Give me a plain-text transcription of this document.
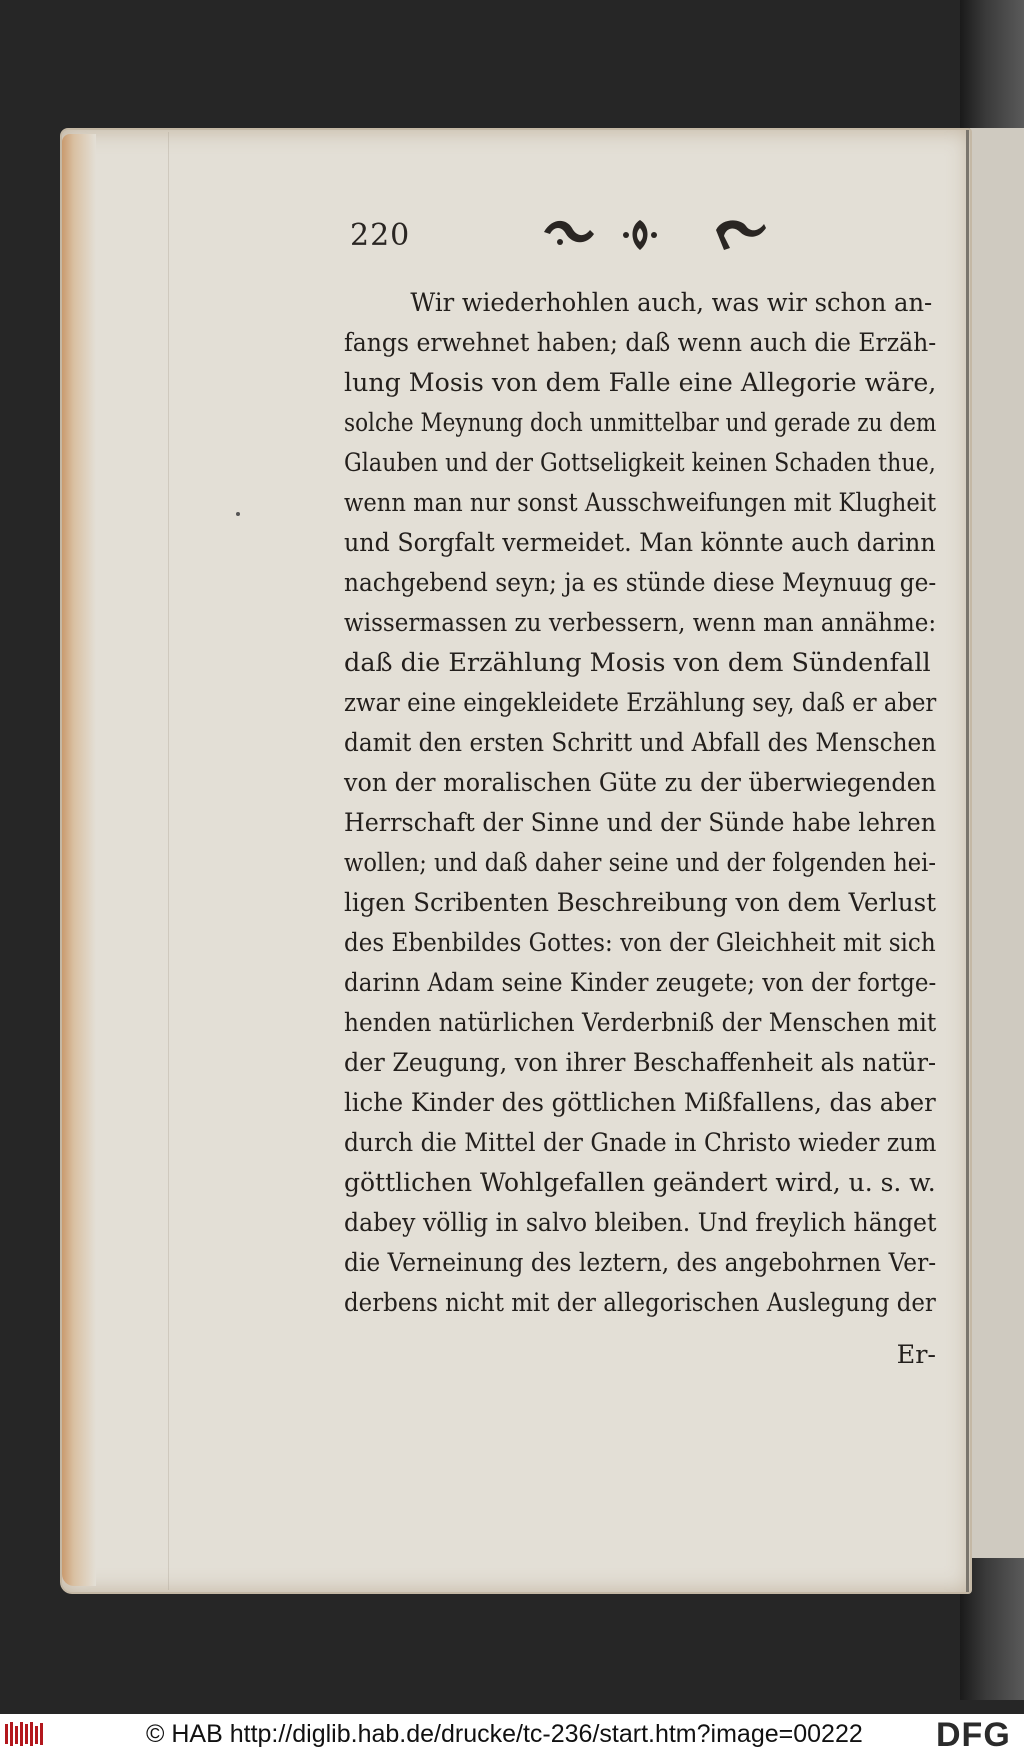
220
Wir wiederhohlen auch, was wir schon an-
fangs erwehnet haben; daß wenn auch die Erzäh-
lung Mosis von dem Falle eine Allegorie wäre,
solche Meynung doch unmittelbar und gerade zu dem
Glauben und der Gottseligkeit keinen Schaden thue,
wenn man nur sonst Ausschweifungen mit Klugheit
und Sorgfalt vermeidet. Man könnte auch darinn
nachgebend seyn; ja es stünde diese Meynuug ge-
wissermassen zu verbessern, wenn man annähme:
daß die Erzählung Mosis von dem Sündenfall
zwar eine eingekleidete Erzählung sey, daß er aber
damit den ersten Schritt und Abfall des Menschen
von der moralischen Güte zu der überwiegenden
Herrschaft der Sinne und der Sünde habe lehren
wollen; und daß daher seine und der folgenden hei-
ligen Scribenten Beschreibung von dem Verlust
des Ebenbildes Gottes: von der Gleichheit mit sich
darinn Adam seine Kinder zeugete; von der fortge-
henden natürlichen Verderbniß der Menschen mit
der Zeugung, von ihrer Beschaffenheit als natür-
liche Kinder des göttlichen Mißfallens, das aber
durch die Mittel der Gnade in Christo wieder zum
göttlichen Wohlgefallen geändert wird, u. s. w.
dabey völlig in salvo bleiben. Und freylich hänget
die Verneinung des leztern, des angebohrnen Ver-
derbens nicht mit der allegorischen Auslegung der
Er-
© HAB http://diglib.hab.de/drucke/tc-236/start.htm?image=00222 DFG
